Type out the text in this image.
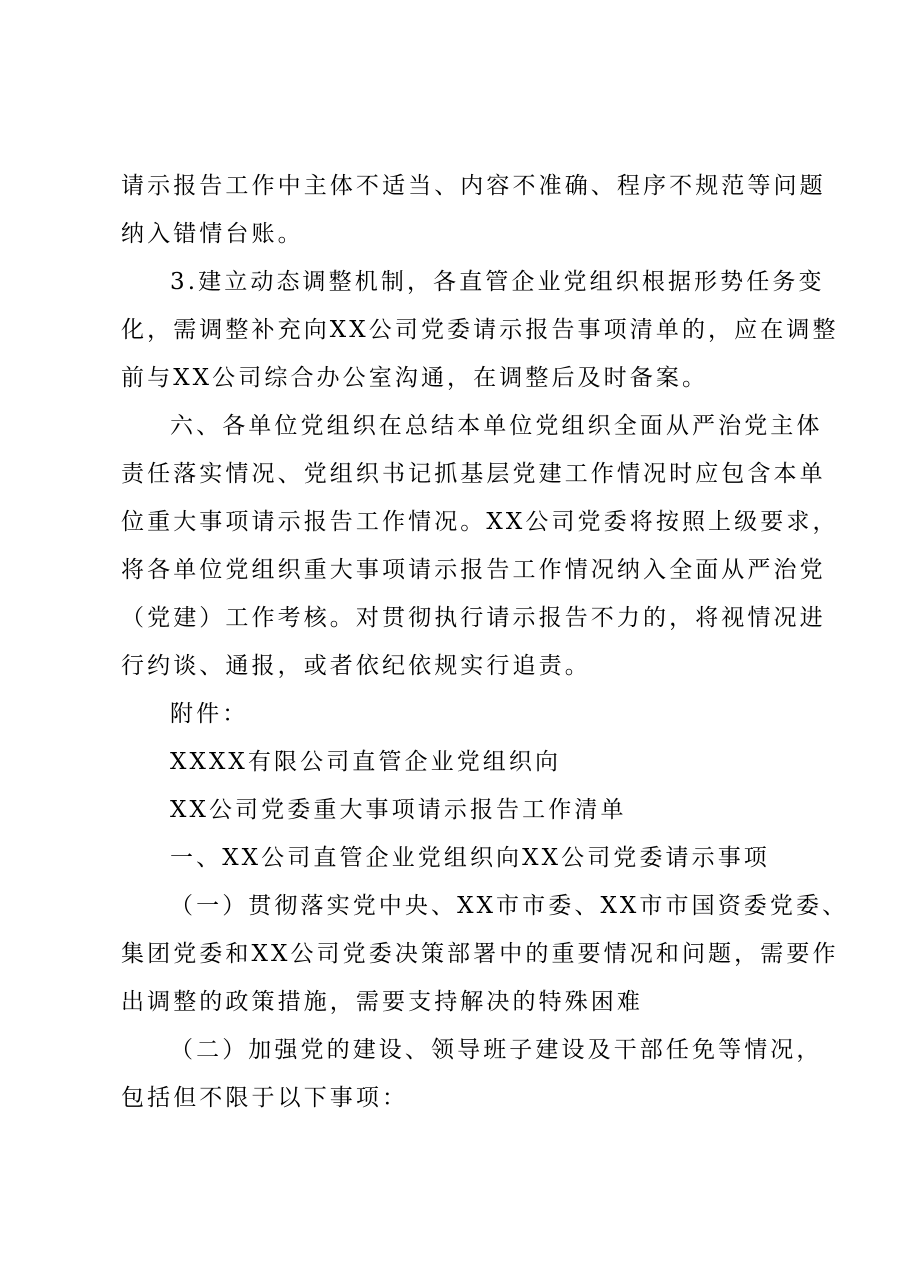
请示报告工作中主体不适当、内容不准确、程序不规范等问题
纳入错情台账。
3.建立动态调整机制，各直管企业党组织根据形势任务变
化，需调整补充向XX公司党委请示报告事项清单的，应在调整
前与XX公司综合办公室沟通，在调整后及时备案。
六、各单位党组织在总结本单位党组织全面从严治党主体
责任落实情况、党组织书记抓基层党建工作情况时应包含本单
位重大事项请示报告工作情况。XX公司党委将按照上级要求，
将各单位党组织重大事项请示报告工作情况纳入全面从严治党
（党建）工作考核。对贯彻执行请示报告不力的，将视情况进
行约谈、通报，或者依纪依规实行追责。
附件：
XXXX有限公司直管企业党组织向
XX公司党委重大事项请示报告工作清单
一、XX公司直管企业党组织向XX公司党委请示事项
（一）贯彻落实党中央、XX市市委、XX市市国资委党委、
集团党委和XX公司党委决策部署中的重要情况和问题，需要作
出调整的政策措施，需要支持解决的特殊困难
（二）加强党的建设、领导班子建设及干部任免等情况，
包括但不限于以下事项：
